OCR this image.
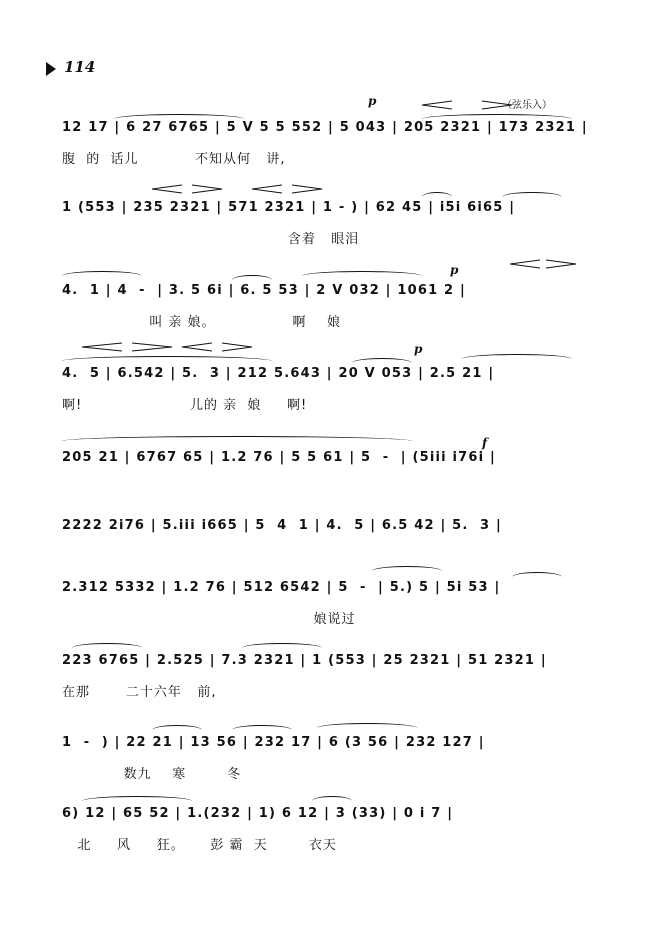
114
p	（弦乐入）
12 17 | 6 27 6765 | 5 V 5 5 552 | 5 043 | 205 2321 | 173 2321 |
腹  的  话儿           不知从何   讲,
1 (553 | 235 2321 | 571 2321 | 1 - ) | 62 45 | i5i 6i65 |
含着   眼泪
p
4.  1 | 4  -  | 3. 5 6i | 6. 5 53 | 2 V 032 | 1061 2 |
叫 亲 娘。               啊    娘
p
4.  5 | 6.542 | 5.  3 | 212 5.643 | 20 V 053 | 2.5 21 |
啊!                     儿的 亲  娘     啊!
f
205 21 | 6767 65 | 1.2 76 | 5 5 61 | 5  -  | (5iii i76i |
2222 2i76 | 5.iii i665 | 5  4  1 | 4.  5 | 6.5 42 | 5.  3 |
2.312 5332 | 1.2 76 | 512 6542 | 5  -  | 5.) 5 | 5i 53 |
娘说过
223 6765 | 2.525 | 7.3 2321 | 1 (553 | 25 2321 | 51 2321 |
在那       二十六年   前,
1  -  ) | 22 21 | 13 56 | 232 17 | 6 (3 56 | 232 127 |
数九    寒        冬
6) 12 | 65 52 | 1.(232 | 1) 6 12 | 3 (33) | 0 i 7 |
北     风     狂。     彭 霸  天        衣天
